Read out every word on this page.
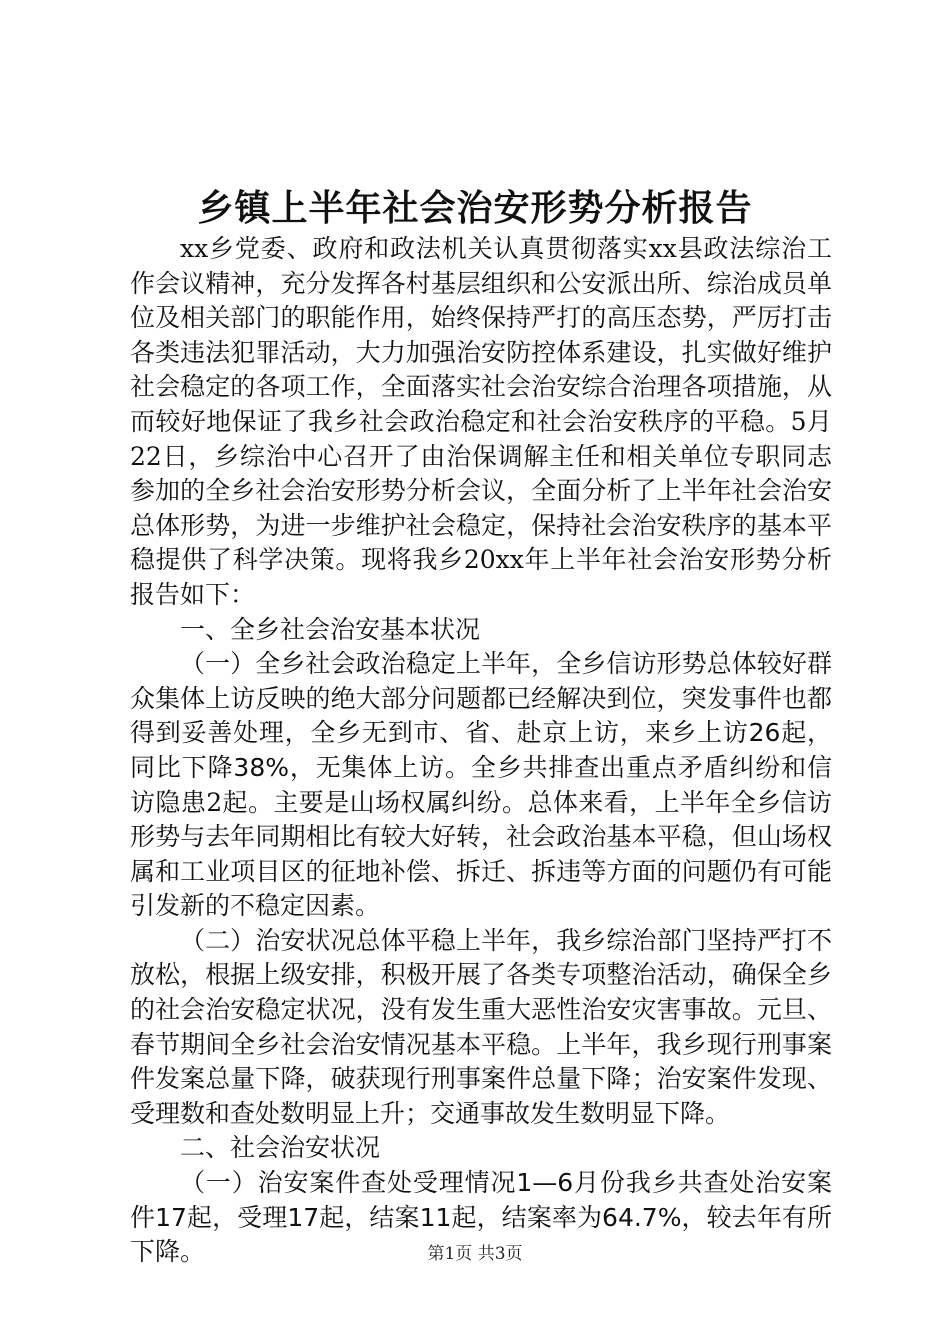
乡镇上半年社会治安形势分析报告

xx乡党委、政府和政法机关认真贯彻落实xx县政法综治工作会议精神，充分发挥各村基层组织和公安派出所、综治成员单位及相关部门的职能作用，始终保持严打的高压态势，严厉打击各类违法犯罪活动，大力加强治安防控体系建设，扎实做好维护社会稳定的各项工作，全面落实社会治安综合治理各项措施，从而较好地保证了我乡社会政治稳定和社会治安秩序的平稳。5月22日，乡综治中心召开了由治保调解主任和相关单位专职同志参加的全乡社会治安形势分析会议，全面分析了上半年社会治安总体形势，为进一步维护社会稳定，保持社会治安秩序的基本平稳提供了科学决策。现将我乡20xx年上半年社会治安形势分析报告如下：

一、全乡社会治安基本状况

（一）全乡社会政治稳定上半年，全乡信访形势总体较好群众集体上访反映的绝大部分问题都已经解决到位，突发事件也都得到妥善处理，全乡无到市、省、赴京上访，来乡上访26起，同比下降38%，无集体上访。全乡共排查出重点矛盾纠纷和信访隐患2起。主要是山场权属纠纷。总体来看，上半年全乡信访形势与去年同期相比有较大好转，社会政治基本平稳，但山场权属和工业项目区的征地补偿、拆迁、拆违等方面的问题仍有可能引发新的不稳定因素。

（二）治安状况总体平稳上半年，我乡综治部门坚持严打不放松，根据上级安排，积极开展了各类专项整治活动，确保全乡的社会治安稳定状况，没有发生重大恶性治安灾害事故。元旦、春节期间全乡社会治安情况基本平稳。上半年，我乡现行刑事案件发案总量下降，破获现行刑事案件总量下降；治安案件发现、受理数和查处数明显上升；交通事故发生数明显下降。

二、社会治安状况

（一）治安案件查处受理情况1—6月份我乡共查处治安案件17起，受理17起，结案11起，结案率为64.7%，较去年有所下降。	第1页 共3页
